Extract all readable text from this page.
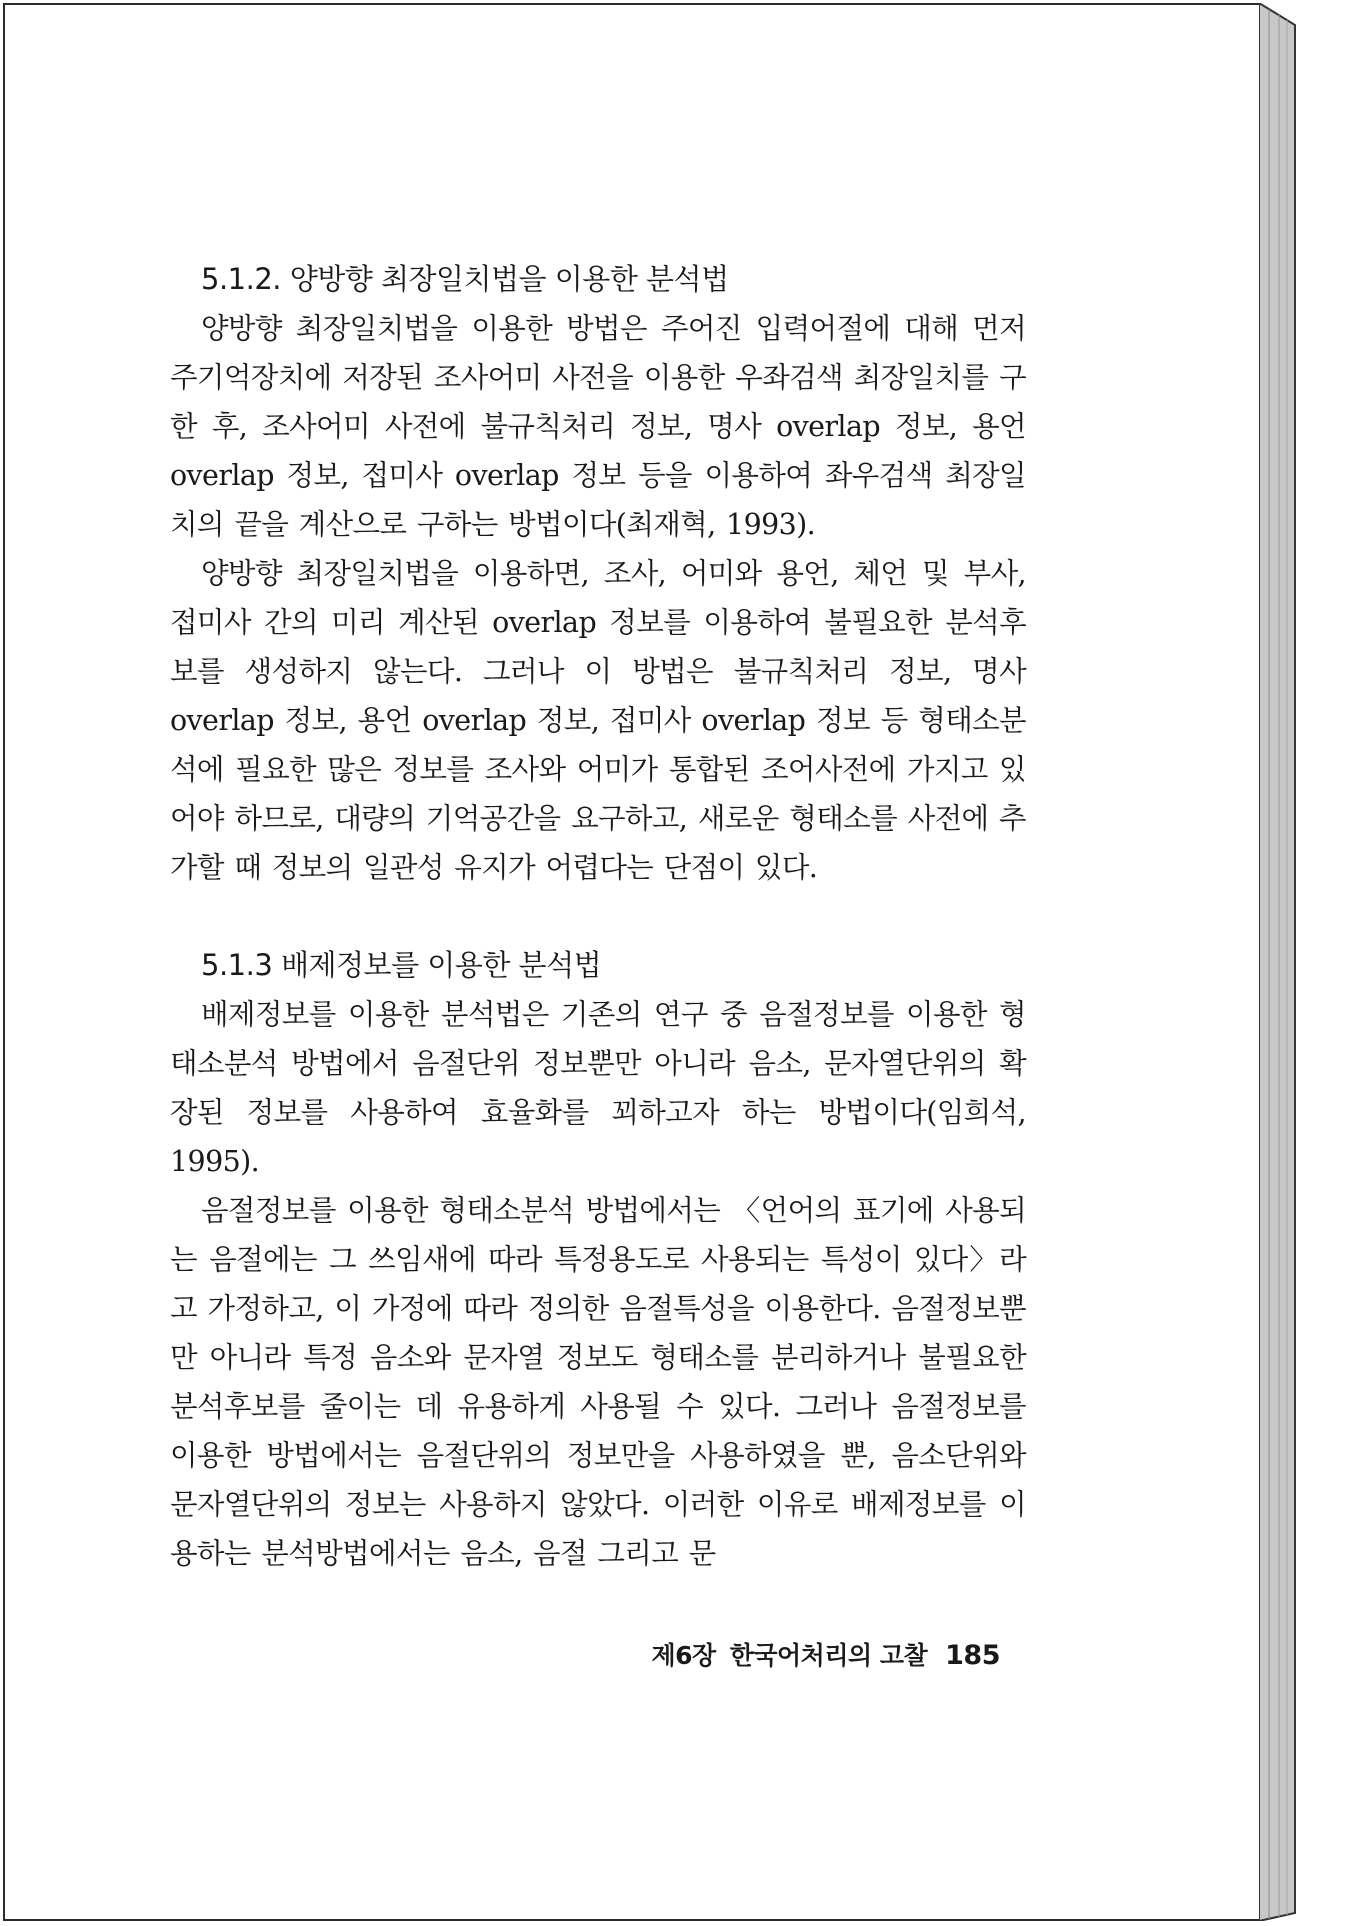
5.1.2. 양방향 최장일치법을 이용한 분석법

양방향 최장일치법을 이용한 방법은 주어진 입력어절에 대해 먼저 주기억장치에 저장된 조사어미 사전을 이용한 우좌검색 최장일치를 구한 후, 조사어미 사전에 불규칙처리 정보, 명사 overlap 정보, 용언 overlap 정보, 접미사 overlap 정보 등을 이용하여 좌우검색 최장일치의 끝을 계산으로 구하는 방법이다(최재혁, 1993).

양방향 최장일치법을 이용하면, 조사, 어미와 용언, 체언 및 부사, 접미사 간의 미리 계산된 overlap 정보를 이용하여 불필요한 분석후보를 생성하지 않는다. 그러나 이 방법은 불규칙처리 정보, 명사 overlap 정보, 용언 overlap 정보, 접미사 overlap 정보 등 형태소분석에 필요한 많은 정보를 조사와 어미가 통합된 조어사전에 가지고 있어야 하므로, 대량의 기억공간을 요구하고, 새로운 형태소를 사전에 추가할 때 정보의 일관성 유지가 어렵다는 단점이 있다.

5.1.3 배제정보를 이용한 분석법

배제정보를 이용한 분석법은 기존의 연구 중 음절정보를 이용한 형태소분석 방법에서 음절단위 정보뿐만 아니라 음소, 문자열단위의 확장된 정보를 사용하여 효율화를 꾀하고자 하는 방법이다(임희석, 1995).

음절정보를 이용한 형태소분석 방법에서는 〈언어의 표기에 사용되는 음절에는 그 쓰임새에 따라 특정용도로 사용되는 특성이 있다〉라고 가정하고, 이 가정에 따라 정의한 음절특성을 이용한다. 음절정보뿐만 아니라 특정 음소와 문자열 정보도 형태소를 분리하거나 불필요한 분석후보를 줄이는 데 유용하게 사용될 수 있다. 그러나 음절정보를 이용한 방법에서는 음절단위의 정보만을 사용하였을 뿐, 음소단위와 문자열단위의 정보는 사용하지 않았다. 이러한 이유로 배제정보를 이용하는 분석방법에서는 음소, 음절 그리고 문

제6장 한국어처리의 고찰 185
